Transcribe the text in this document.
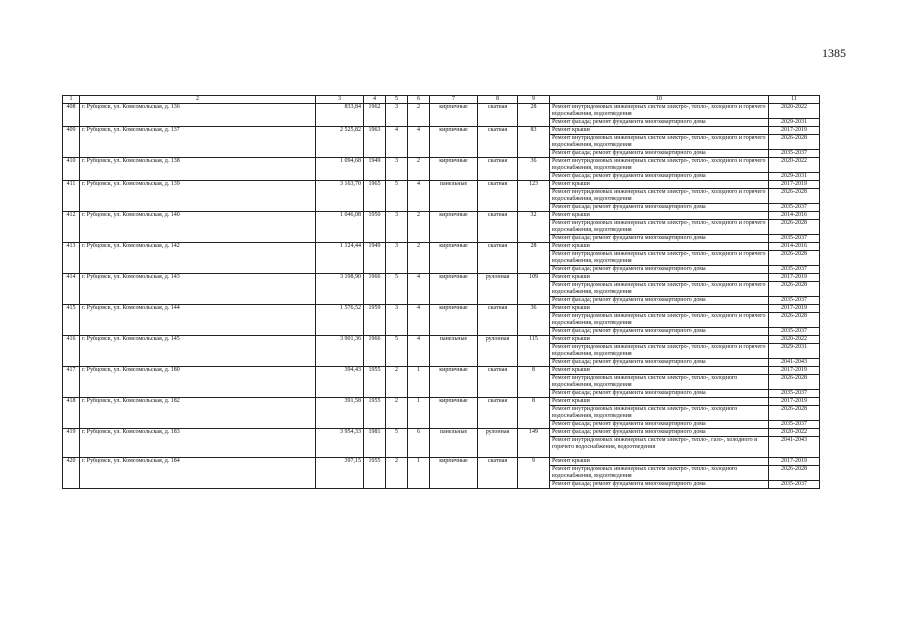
1385
1	2	3	4	5	6	7	8	9	10	11
408	г. Рубцовск, ул. Комсомольская, д. 136	833,84	1962	3	2	кирпичные	скатная	28	Ремонт внутридомовых инженерных систем электро-, тепло-, холодного и горячего водоснабжения, водоотведения	2020-2022
									Ремонт фасада; ремонт фундамента многоквартирного дома	2029-2031
409	г. Рубцовск, ул. Комсомольская, д. 137	2 525,82	1963	4	4	кирпичные	скатная	83	Ремонт крыши	2017-2019
									Ремонт внутридомовых инженерных систем электро-, тепло-, холодного и горячего водоснабжения, водоотведения	2026-2028
									Ремонт фасада; ремонт фундамента многоквартирного дома	2035-2037
410	г. Рубцовск, ул. Комсомольская, д. 138	1 094,68	1949	3	2	кирпичные	скатная	36	Ремонт внутридомовых инженерных систем электро-, тепло-, холодного и горячего водоснабжения, водоотведения	2020-2022
									Ремонт фасада; ремонт фундамента многоквартирного дома	2029-2031
411	г. Рубцовск, ул. Комсомольская, д. 139	3 163,70	1965	5	4	панельные	скатная	123	Ремонт крыши	2017-2019
									Ремонт внутридомовых инженерных систем электро-, тепло-, холодного и горячего водоснабжения, водоотведения	2026-2028
									Ремонт фасада; ремонт фундамента многоквартирного дома	2035-2037
412	г. Рубцовск, ул. Комсомольская, д. 140	1 046,08	1950	3	2	кирпичные	скатная	32	Ремонт крыши	2014-2016
									Ремонт внутридомовых инженерных систем электро-, тепло-, холодного и горячего водоснабжения, водоотведения	2026-2028
									Ремонт фасада; ремонт фундамента многоквартирного дома	2035-2037
413	г. Рубцовск, ул. Комсомольская, д. 142	1 124,44	1949	3	2	кирпичные	скатная	28	Ремонт крыши	2014-2016
									Ремонт внутридомовых инженерных систем электро-, тепло-, холодного и горячего водоснабжения, водоотведения	2026-2028
									Ремонт фасада; ремонт фундамента многоквартирного дома	2035-2037
414	г. Рубцовск, ул. Комсомольская, д. 143	3 198,90	1966	5	4	кирпичные	рулонная	109	Ремонт крыши	2017-2019
									Ремонт внутридомовых инженерных систем электро-, тепло-, холодного и горячего водоснабжения, водоотведения	2026-2028
									Ремонт фасада; ремонт фундамента многоквартирного дома	2035-2037
415	г. Рубцовск, ул. Комсомольская, д. 144	1 576,52	1959	3	4	кирпичные	скатная	36	Ремонт крыши	2017-2019
									Ремонт внутридомовых инженерных систем электро-, тепло-, холодного и горячего водоснабжения, водоотведения	2026-2028
									Ремонт фасада; ремонт фундамента многоквартирного дома	2035-2037
416	г. Рубцовск, ул. Комсомольская, д. 145	3 901,36	1966	5	4	панельные	рулонная	115	Ремонт крыши	2020-2022
									Ремонт внутридомовых инженерных систем электро-, тепло-, холодного и горячего водоснабжения, водоотведения	2029-2031
									Ремонт фасада; ремонт фундамента многоквартирного дома	2041-2043
417	г. Рубцовск, ул. Комсомольская, д. 180	394,43	1955	2	1	кирпичные	скатная	8	Ремонт крыши	2017-2019
									Ремонт внутридомовых инженерных систем электро-, тепло-, холодного водоснабжения, водоотведения	2026-2028
									Ремонт фасада; ремонт фундамента многоквартирного дома	2035-2037
418	г. Рубцовск, ул. Комсомольская, д. 182	391,58	1955	2	1	кирпичные	скатная	8	Ремонт крыши	2017-2019
									Ремонт внутридомовых инженерных систем электро-, тепло-, холодного водоснабжения, водоотведения	2026-2028
									Ремонт фасада; ремонт фундамента многоквартирного дома	2035-2037
419	г. Рубцовск, ул. Комсомольская, д. 183	3 954,33	1981	5	6	панельные	рулонная	149	Ремонт фасада; ремонт фундамента многоквартирного дома	2020-2022
									Ремонт внутридомовых инженерных систем электро-, тепло-, газо-, холодного и горячего водоснабжения, водоотведения	2041-2043
420	г. Рубцовск, ул. Комсомольская, д. 184	397,15	1955	2	1	кирпичные	скатная	9	Ремонт крыши	2017-2019
									Ремонт внутридомовых инженерных систем электро-, тепло-, холодного водоснабжения, водоотведения	2026-2028
									Ремонт фасада; ремонт фундамента многоквартирного дома	2035-2037
